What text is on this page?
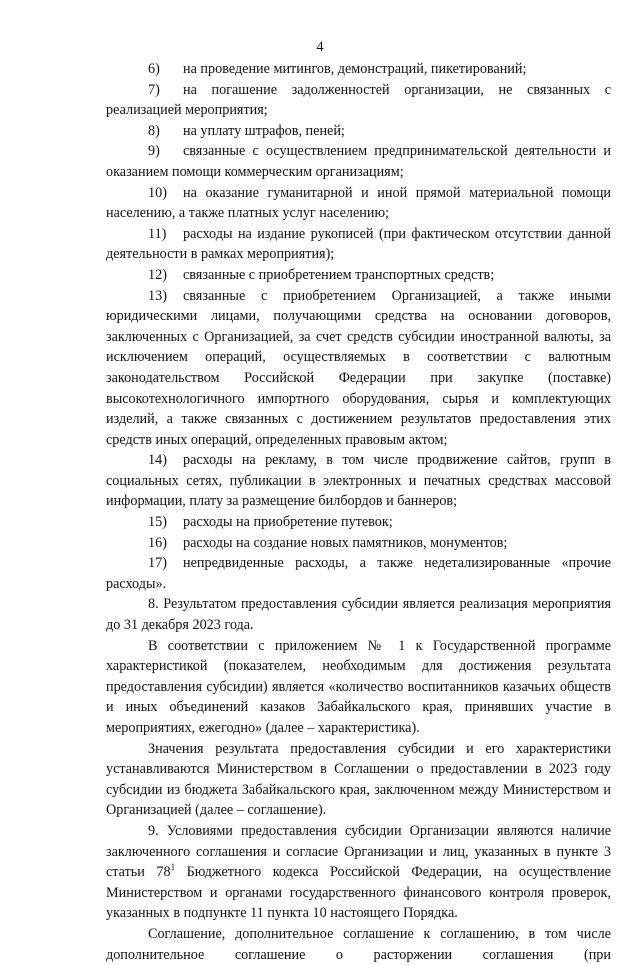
4

6) на проведение митингов, демонстраций, пикетирований;

7) на погашение задолженностей организации, не связанных с реализацией мероприятия;

8) на уплату штрафов, пеней;

9) связанные с осуществлением предпринимательской деятельности и оказанием помощи коммерческим организациям;

10) на оказание гуманитарной и иной прямой материальной помощи населению, а также платных услуг населению;

11) расходы на издание рукописей (при фактическом отсутствии данной деятельности в рамках мероприятия);

12) связанные с приобретением транспортных средств;

13) связанные с приобретением Организацией, а также иными юридическими лицами, получающими средства на основании договоров, заключенных с Организацией, за счет средств субсидии иностранной валюты, за исключением операций, осуществляемых в соответствии с валютным законодательством Российской Федерации при закупке (поставке) высокотехнологичного импортного оборудования, сырья и комплектующих изделий, а также связанных с достижением результатов предоставления этих средств иных операций, определенных правовым актом;

14) расходы на рекламу, в том числе продвижение сайтов, групп в социальных сетях, публикации в электронных и печатных средствах массовой информации, плату за размещение билбордов и баннеров;

15) расходы на приобретение путевок;

16) расходы на создание новых памятников, монументов;

17) непредвиденные расходы, а также недетализированные «прочие расходы».

8. Результатом предоставления субсидии является реализация мероприятия до 31 декабря 2023 года.

В соответствии с приложением № 1 к Государственной программе характеристикой (показателем, необходимым для достижения результата предоставления субсидии) является «количество воспитанников казачьих обществ и иных объединений казаков Забайкальского края, принявших участие в мероприятиях, ежегодно» (далее – характеристика).

Значения результата предоставления субсидии и его характеристики устанавливаются Министерством в Соглашении о предоставлении в 2023 году субсидии из бюджета Забайкальского края, заключенном между Министерством и Организацией (далее – соглашение).

9. Условиями предоставления субсидии Организации являются наличие заключенного соглашения и согласие Организации и лиц, указанных в пункте 3 статьи $78^1$ Бюджетного кодекса Российской Федерации, на осуществление Министерством и органами государственного финансового контроля проверок, указанных в подпункте 11 пункта 10 настоящего Порядка.

Соглашение, дополнительное соглашение к соглашению, в том числе дополнительное соглашение о расторжении соглашения (при
